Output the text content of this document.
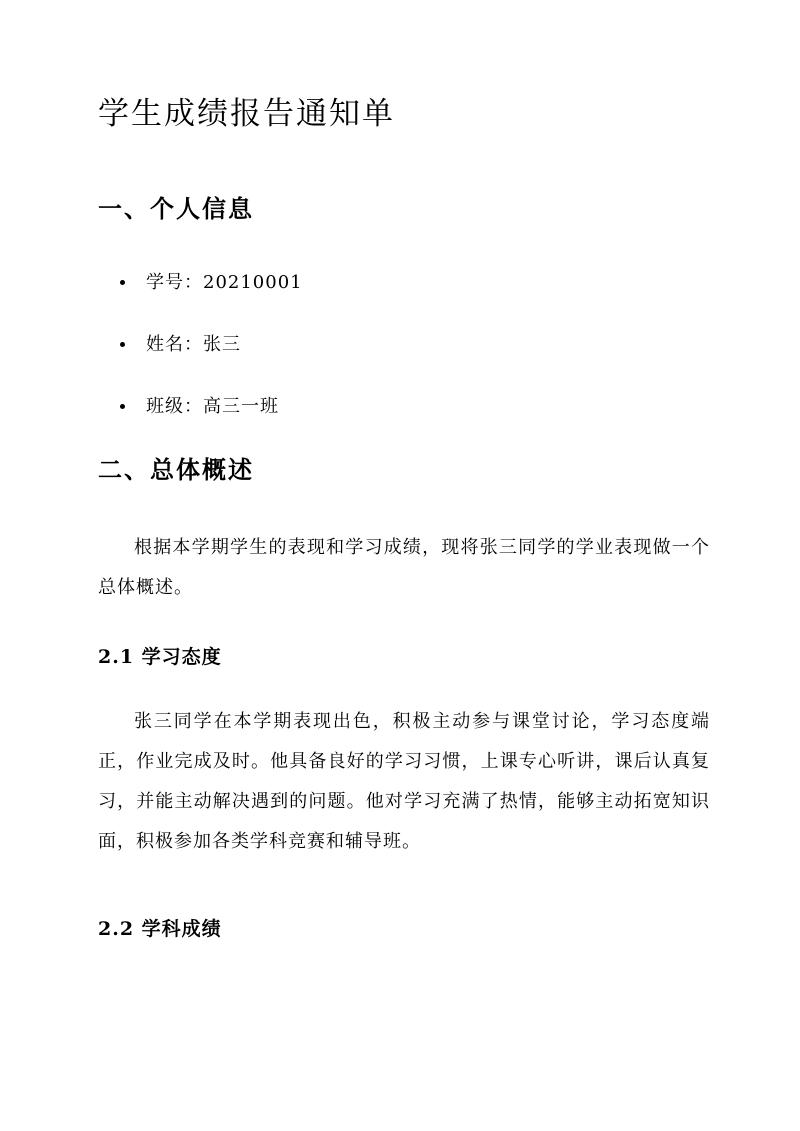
学生成绩报告通知单
一、个人信息
学号：20210001
姓名：张三
班级：高三一班
二、总体概述

根据本学期学生的表现和学习成绩，现将张三同学的学业表现做一个总体概述。

2.1 学习态度

张三同学在本学期表现出色，积极主动参与课堂讨论，学习态度端正，作业完成及时。他具备良好的学习习惯，上课专心听讲，课后认真复习，并能主动解决遇到的问题。他对学习充满了热情，能够主动拓宽知识面，积极参加各类学科竞赛和辅导班。

2.2 学科成绩
